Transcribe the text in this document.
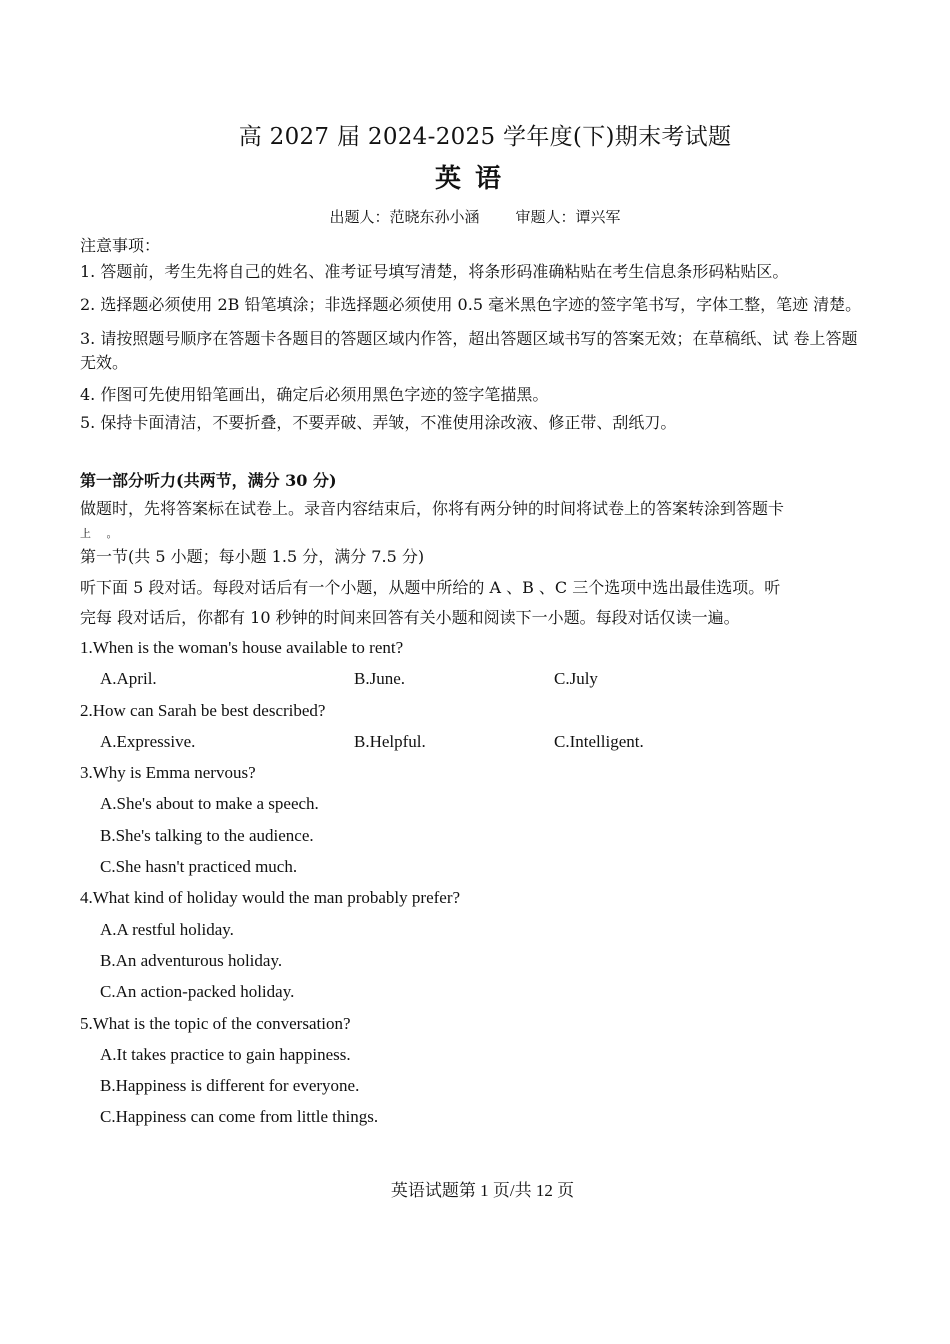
高 2027 届 2024-2025 学年度(下)期末考试题
英语
出题人：范晓东孙小涵 审题人：谭兴军
注意事项：
1. 答题前，考生先将自己的姓名、准考证号填写清楚，将条形码准确粘贴在考生信息条形码粘贴区。
2. 选择题必须使用 2B 铅笔填涂；非选择题必须使用 0.5 毫米黑色字迹的签字笔书写，字体工整，笔迹 清楚。
3. 请按照题号顺序在答题卡各题目的答题区域内作答，超出答题区域书写的答案无效；在草稿纸、试 卷上答题无效。
4. 作图可先使用铅笔画出，确定后必须用黑色字迹的签字笔描黑。
5. 保持卡面清洁，不要折叠，不要弄破、弄皱，不准使用涂改液、修正带、刮纸刀。
第一部分听力(共两节，满分 30 分)
做题时，先将答案标在试卷上。录音内容结束后，你将有两分钟的时间将试卷上的答案转涂到答题卡
上 。
第一节(共 5 小题；每小题 1.5 分，满分 7.5 分)
听下面 5 段对话。每段对话后有一个小题，从题中所给的 A 、B 、C 三个选项中选出最佳选项。听
完每 段对话后，你都有 10 秒钟的时间来回答有关小题和阅读下一小题。每段对话仅读一遍。
1.When is the woman's house available to rent?
A.April.	B.June.	C.July
2.How can Sarah be best described?
A.Expressive.	B.Helpful.	C.Intelligent.
3.Why is Emma nervous?
A.She's about to make a speech.
B.She's talking to the audience.
C.She hasn't practiced much.
4.What kind of holiday would the man probably prefer?
A.A restful holiday.
B.An adventurous holiday.
C.An action-packed holiday.
5.What is the topic of the conversation?
A.It takes practice to gain happiness.
B.Happiness is different for everyone.
C.Happiness can come from little things.
英语试题第 1 页/共 12 页
